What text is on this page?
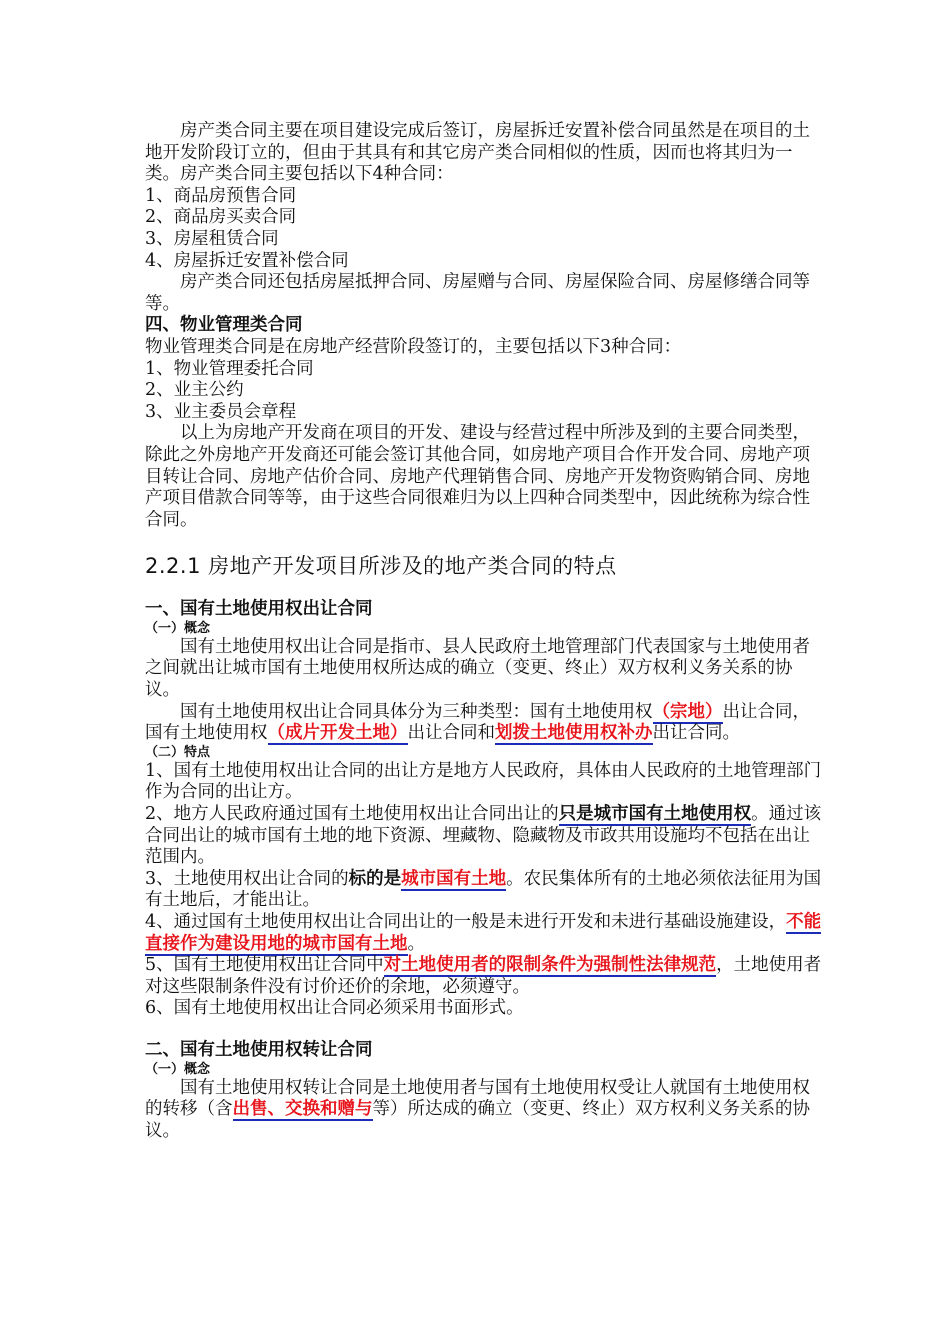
房产类合同主要在项目建设完成后签订，房屋拆迁安置补偿合同虽然是在项目的土地开发阶段订立的，但由于其具有和其它房产类合同相似的性质，因而也将其归为一类。房产类合同主要包括以下4种合同：

1、商品房预售合同

2、商品房买卖合同

3、房屋租赁合同

4、房屋拆迁安置补偿合同

房产类合同还包括房屋抵押合同、房屋赠与合同、房屋保险合同、房屋修缮合同等等。

四、物业管理类合同

物业管理类合同是在房地产经营阶段签订的，主要包括以下3种合同：

1、物业管理委托合同

2、业主公约

3、业主委员会章程

以上为房地产开发商在项目的开发、建设与经营过程中所涉及到的主要合同类型，除此之外房地产开发商还可能会签订其他合同，如房地产项目合作开发合同、房地产项目转让合同、房地产估价合同、房地产代理销售合同、房地产开发物资购销合同、房地产项目借款合同等等，由于这些合同很难归为以上四种合同类型中，因此统称为综合性合同。

2.2.1 房地产开发项目所涉及的地产类合同的特点

一、国有土地使用权出让合同

（一）概念

国有土地使用权出让合同是指市、县人民政府土地管理部门代表国家与土地使用者之间就出让城市国有土地使用权所达成的确立（变更、终止）双方权利义务关系的协议。

国有土地使用权出让合同具体分为三种类型：国有土地使用权（宗地）出让合同，国有土地使用权（成片开发土地）出让合同和划拨土地使用权补办出让合同。

（二）特点

1、国有土地使用权出让合同的出让方是地方人民政府，具体由人民政府的土地管理部门作为合同的出让方。

2、地方人民政府通过国有土地使用权出让合同出让的只是城市国有土地使用权。通过该合同出让的城市国有土地的地下资源、埋藏物、隐藏物及市政共用设施均不包括在出让范围内。

3、土地使用权出让合同的标的是城市国有土地。农民集体所有的土地必须依法征用为国有土地后，才能出让。

4、通过国有土地使用权出让合同出让的一般是未进行开发和未进行基础设施建设，不能直接作为建设用地的城市国有土地。

5、国有土地使用权出让合同中对土地使用者的限制条件为强制性法律规范，土地使用者对这些限制条件没有讨价还价的余地，必须遵守。

6、国有土地使用权出让合同必须采用书面形式。

二、国有土地使用权转让合同

（一）概念

国有土地使用权转让合同是土地使用者与国有土地使用权受让人就国有土地使用权的转移（含出售、交换和赠与等）所达成的确立（变更、终止）双方权利义务关系的协议。
